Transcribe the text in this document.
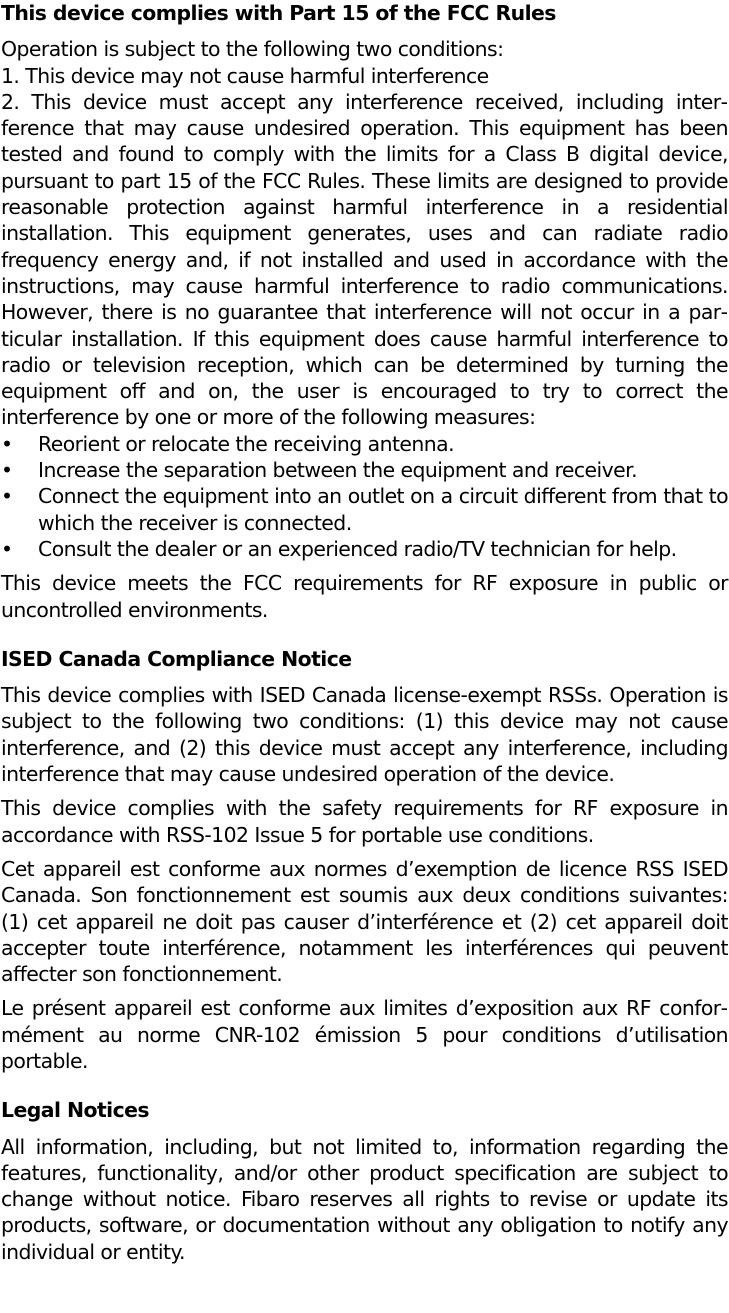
This device complies with Part 15 of the FCC Rules

Operation is subject to the following two conditions:

1. This device may not cause harmful interference

2. This device must accept any interference received, including interference that may cause undesired operation. This equipment has been tested and found to comply with the limits for a Class B digital device, pursuant to part 15 of the FCC Rules. These limits are designed to provide reasonable protection against harmful interference in a residential installation. This equipment generates, uses and can radiate radio frequency energy and, if not installed and used in accordance with the instructions, may cause harmful interference to radio communications. However, there is no guarantee that interference will not occur in a particular installation. If this equipment does cause harmful interference to radio or television reception, which can be determined by turning the equipment off and on, the user is encouraged to try to correct the interference by one or more of the following measures:

• Reorient or relocate the receiving antenna.
• Increase the separation between the equipment and receiver.
• Connect the equipment into an outlet on a circuit different from that to which the receiver is connected.
• Consult the dealer or an experienced radio/TV technician for help.

This device meets the FCC requirements for RF exposure in public or uncontrolled environments.

ISED Canada Compliance Notice

This device complies with ISED Canada license-exempt RSSs. Operation is subject to the following two conditions: (1) this device may not cause interference, and (2) this device must accept any interference, including interference that may cause undesired operation of the device.

This device complies with the safety requirements for RF exposure in accordance with RSS-102 Issue 5 for portable use conditions.

Cet appareil est conforme aux normes d’exemption de licence RSS ISED Canada. Son fonctionnement est soumis aux deux conditions suivantes: (1) cet appareil ne doit pas causer d’interférence et (2) cet appareil doit accepter toute interférence, notamment les interférences qui peuvent affecter son fonctionnement.

Le présent appareil est conforme aux limites d’exposition aux RF conformément au norme CNR-102 émission 5 pour conditions d’utilisation portable.

Legal Notices

All information, including, but not limited to, information regarding the features, functionality, and/or other product specification are subject to change without notice. Fibaro reserves all rights to revise or update its products, software, or documentation without any obligation to notify any individual or entity.
